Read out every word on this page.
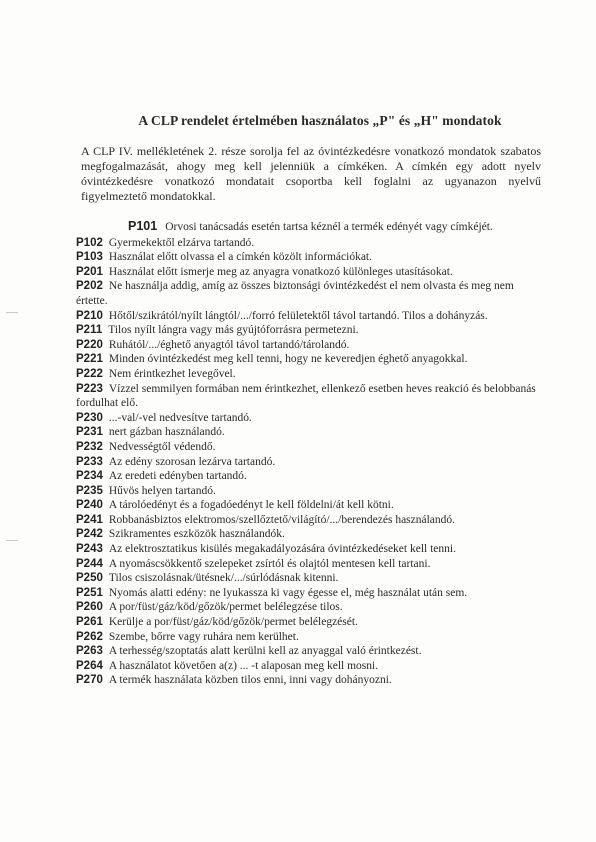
A CLP rendelet értelmében használatos „P" és „H" mondatok
A CLP IV. mellékletének 2. része sorolja fel az óvintézkedésre vonatkozó mondatok szabatos megfogalmazását, ahogy meg kell jelenniük a címkéken. A címkén egy adott nyelv óvintézkedésre vonatkozó mondatait csoportba kell foglalni az ugyanazon nyelvű figyelmeztető mondatokkal.

P101 Orvosi tanácsadás esetén tartsa kéznél a termék edényét vagy címkéjét.

P102 Gyermekektől elzárva tartandó.

P103 Használat előtt olvassa el a címkén közölt információkat.

P201 Használat előtt ismerje meg az anyagra vonatkozó különleges utasításokat.

P202 Ne használja addig, amíg az összes biztonsági óvintézkedést el nem olvasta és meg nem értette.

P210 Hőtől/szikrától/nyílt lángtól/.../forró felületektől távol tartandó. Tilos a dohányzás.

P211 Tilos nyílt lángra vagy más gyújtóforrásra permetezni.

P220 Ruhától/.../éghető anyagtól távol tartandó/tárolandó.

P221 Minden óvintézkedést meg kell tenni, hogy ne keveredjen éghető anyagokkal.

P222 Nem érintkezhet levegővel.

P223 Vízzel semmilyen formában nem érintkezhet, ellenkező esetben heves reakció és belobbanás fordulhat elő.

P230 ...-val/-vel nedvesítve tartandó.

P231 nert gázban használandó.

P232 Nedvességtől védendő.

P233 Az edény szorosan lezárva tartandó.

P234 Az eredeti edényben tartandó.

P235 Hűvös helyen tartandó.

P240 A tárolóedényt és a fogadóedényt le kell földelni/át kell kötni.

P241 Robbanásbiztos elektromos/szellőztető/világító/.../berendezés használandó.

P242 Szikramentes eszközök használandók.

P243 Az elektrosztatikus kisülés megakadályozására óvintézkedéseket kell tenni.

P244 A nyomáscsökkentő szelepeket zsírtól és olajtól mentesen kell tartani.

P250 Tilos csiszolásnak/ütésnek/.../súrlódásnak kitenni.

P251 Nyomás alatti edény: ne lyukassza ki vagy égesse el, még használat után sem.

P260 A por/füst/gáz/köd/gőzök/permet belélegzése tilos.

P261 Kerülje a por/füst/gáz/köd/gőzök/permet belélegzését.

P262 Szembe, bőrre vagy ruhára nem kerülhet.

P263 A terhesség/szoptatás alatt kerülni kell az anyaggal való érintkezést.

P264 A használatot követően a(z) ... -t alaposan meg kell mosni.

P270 A termék használata közben tilos enni, inni vagy dohányozni.
